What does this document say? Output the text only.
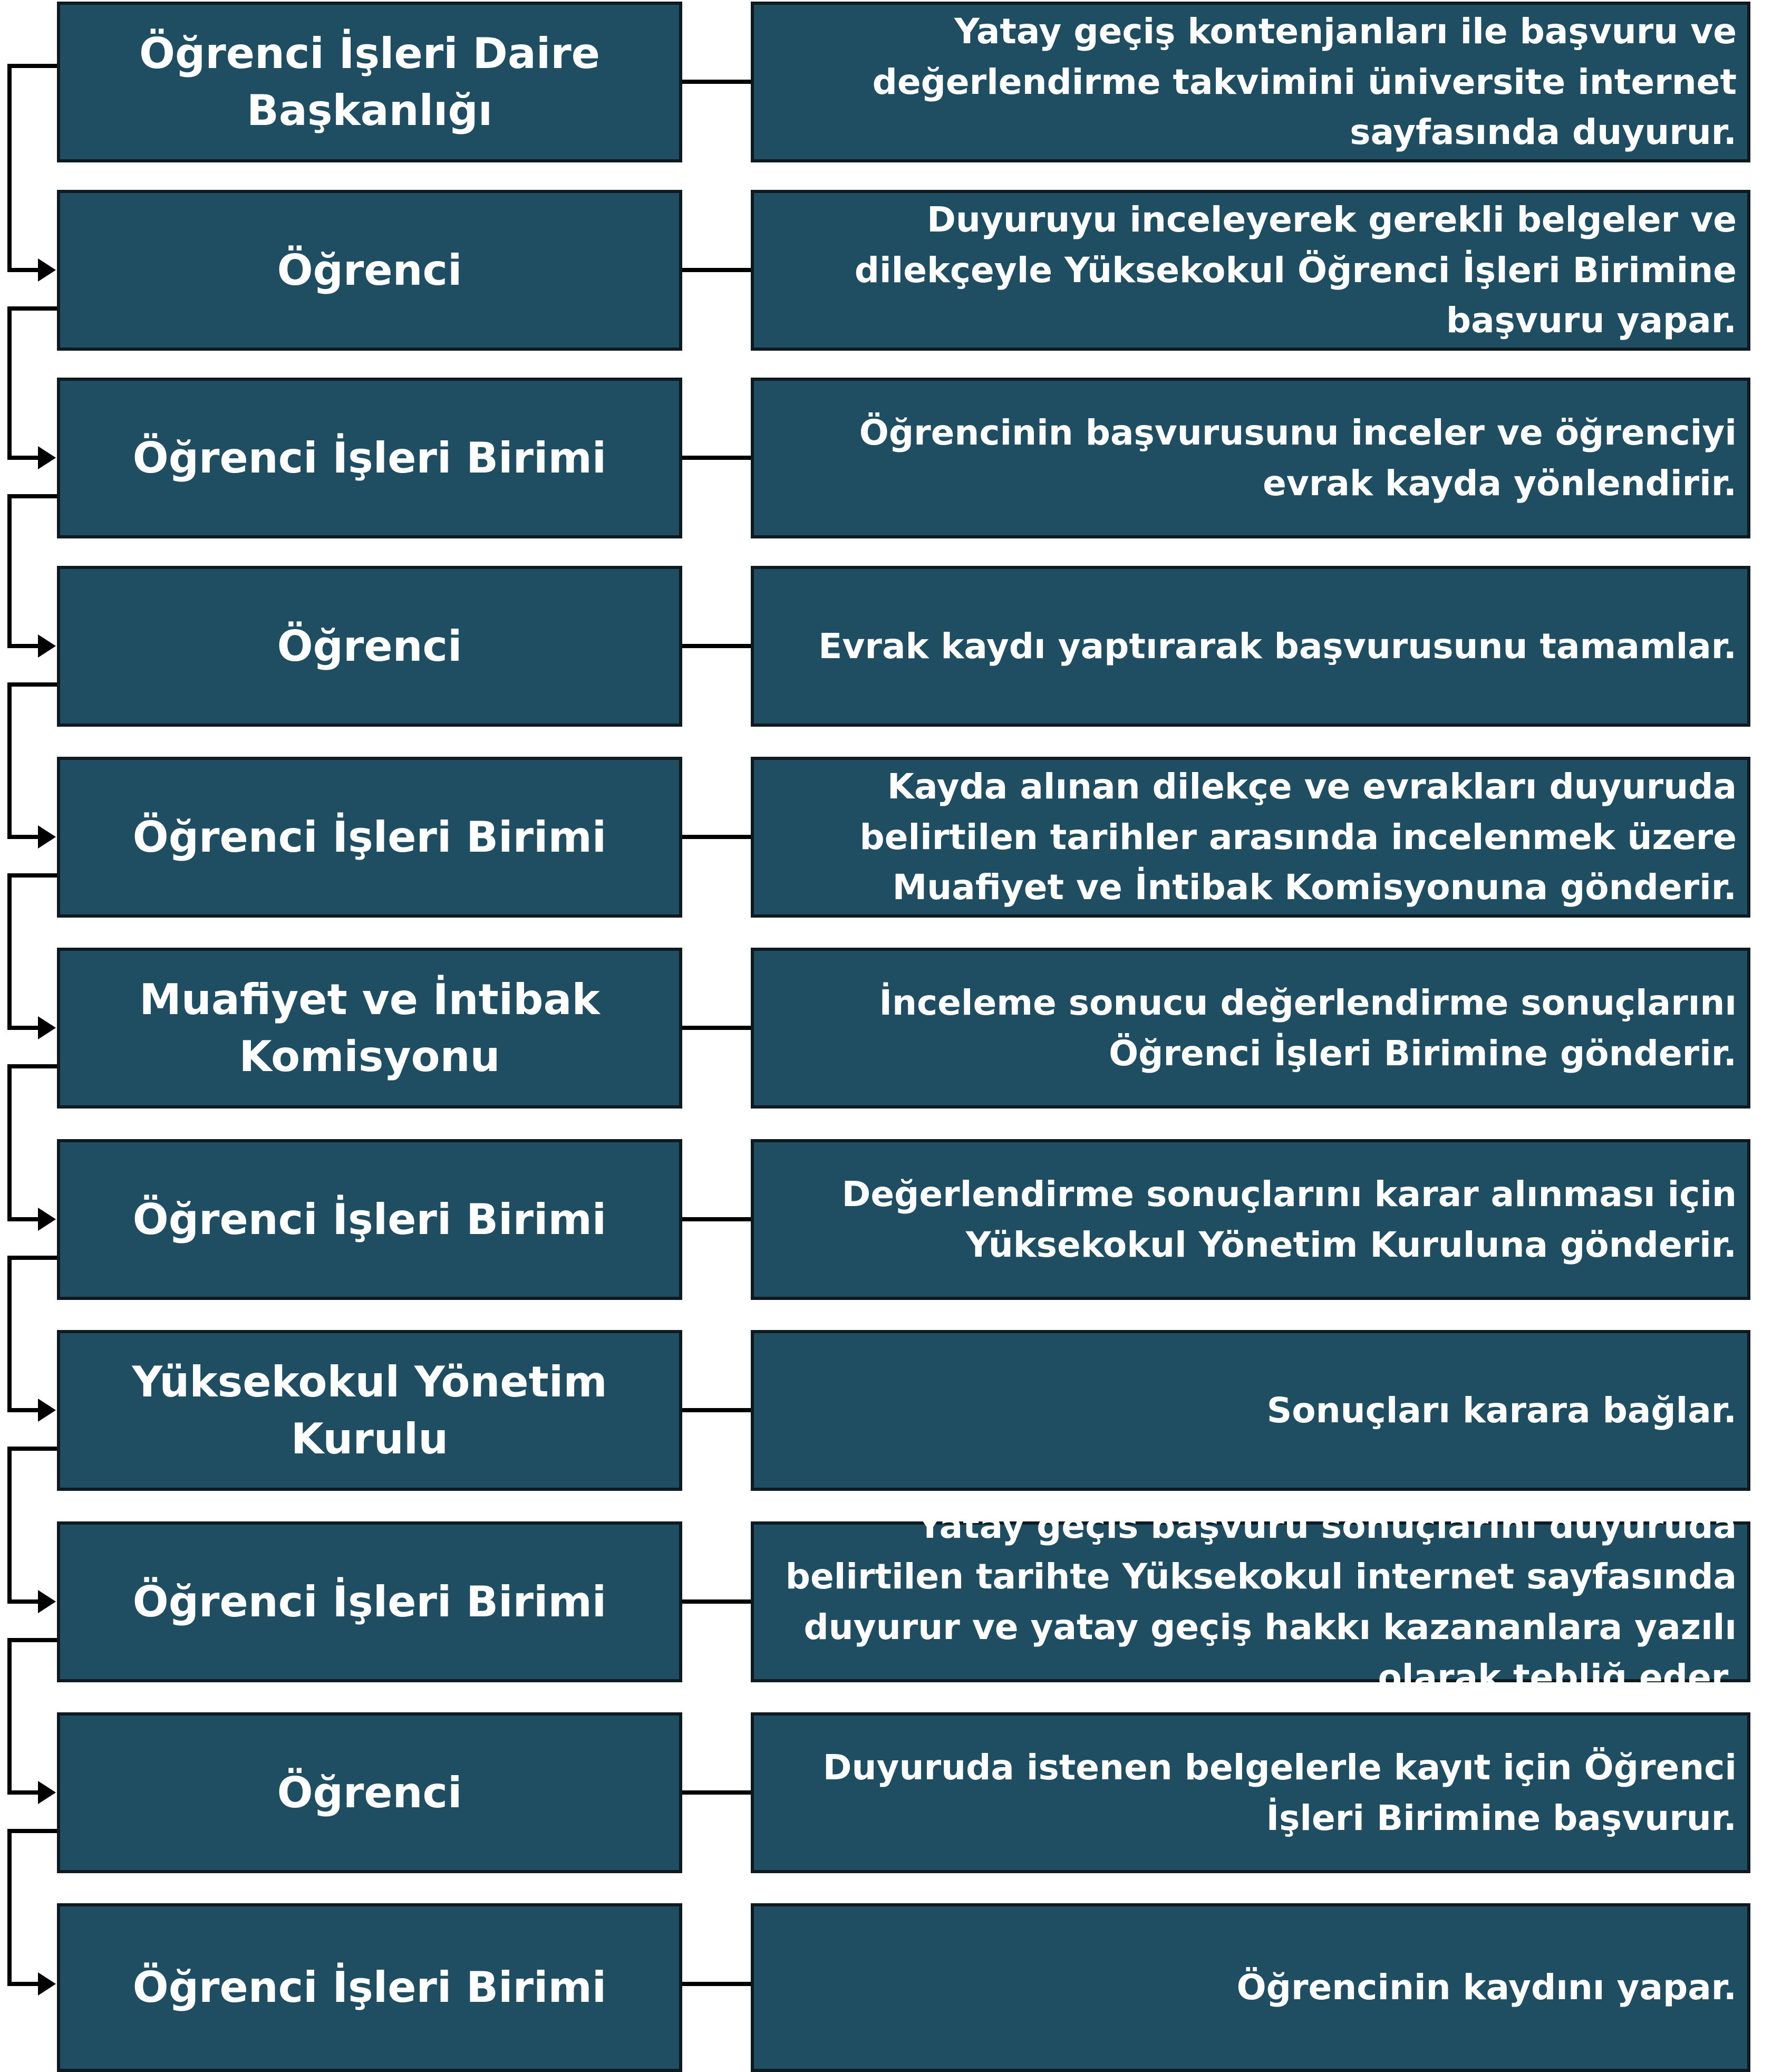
Öğrenci İşleri Daire Başkanlığı
Yatay geçiş kontenjanları ile başvuru ve değerlendirme takvimini üniversite internet sayfasında duyurur.
Öğrenci
Duyuruyu inceleyerek gerekli belgeler ve dilekçeyle Yüksekokul Öğrenci İşleri Birimine başvuru yapar.
Öğrenci İşleri Birimi
Öğrencinin başvurusunu inceler ve öğrenciyi evrak kayda yönlendirir.
Öğrenci	Evrak kaydı yaptırarak başvurusunu tamamlar.
Öğrenci İşleri Birimi
Kayda alınan dilekçe ve evrakları duyuruda belirtilen tarihler arasında incelenmek üzere Muafiyet ve İntibak Komisyonuna gönderir.
Muafiyet ve İntibak Komisyonu
İnceleme sonucu değerlendirme sonuçlarını Öğrenci İşleri Birimine gönderir.
Öğrenci İşleri Birimi
Değerlendirme sonuçlarını karar alınması için Yüksekokul Yönetim Kuruluna gönderir.
Yüksekokul Yönetim Kurulu
Sonuçları karara bağlar.
Öğrenci İşleri Birimi
Yatay geçis başvuru sonuçlarını duyuruda belirtilen tarihte Yüksekokul internet sayfasında duyurur ve yatay geçiş hakkı kazananlara yazılı olarak tebliğ eder.
Öğrenci
Duyuruda istenen belgelerle kayıt için Öğrenci İşleri Birimine başvurur.
Öğrenci İşleri Birimi	Öğrencinin kaydını yapar.
